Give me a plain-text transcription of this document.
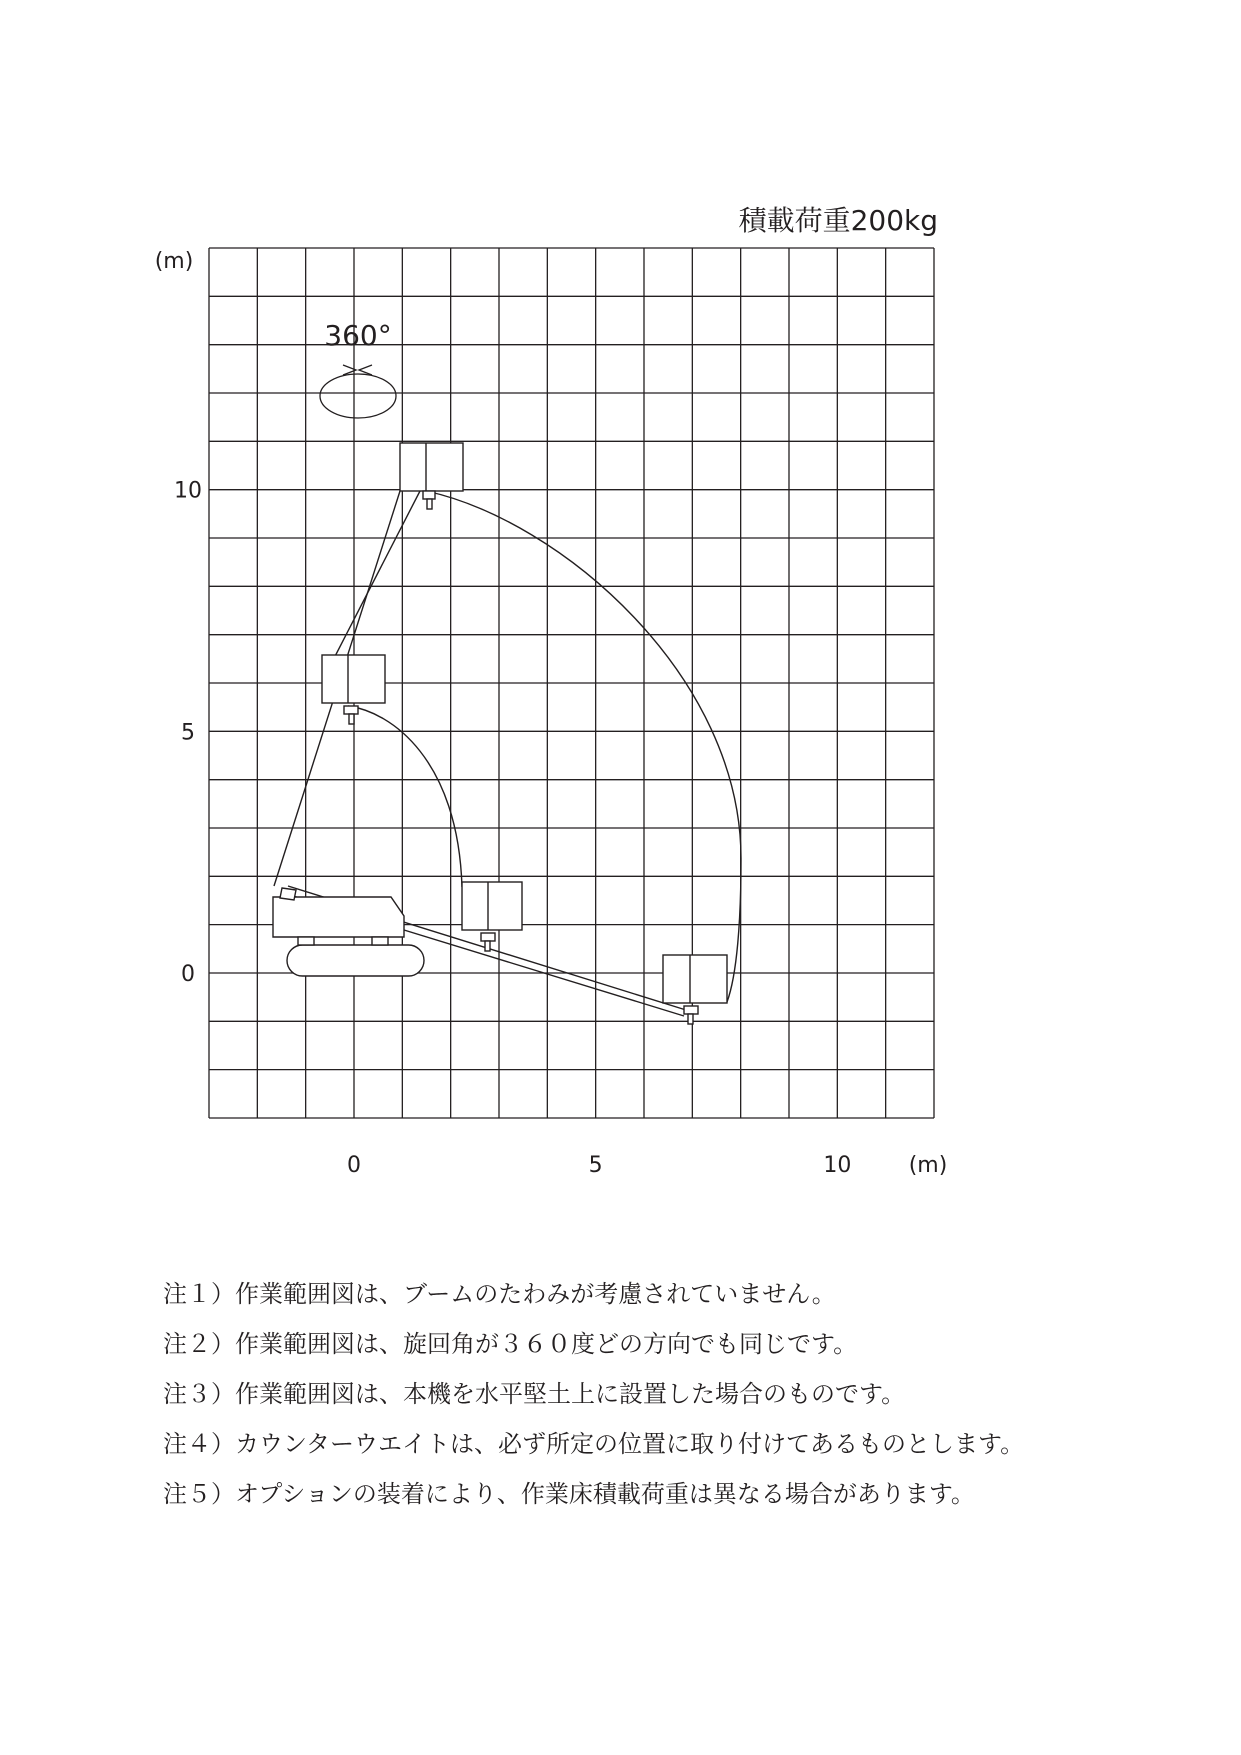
積載荷重200kg
(m)
0
5
10
0	5	10	(m)
360°
注１）作業範囲図は、ブームのたわみが考慮されていません。
注２）作業範囲図は、旋回角が３６０度どの方向でも同じです。
注３）作業範囲図は、本機を水平堅土上に設置した場合のものです。
注４）カウンターウエイトは、必ず所定の位置に取り付けてあるものとします。
注５）オプションの装着により、作業床積載荷重は異なる場合があります。
